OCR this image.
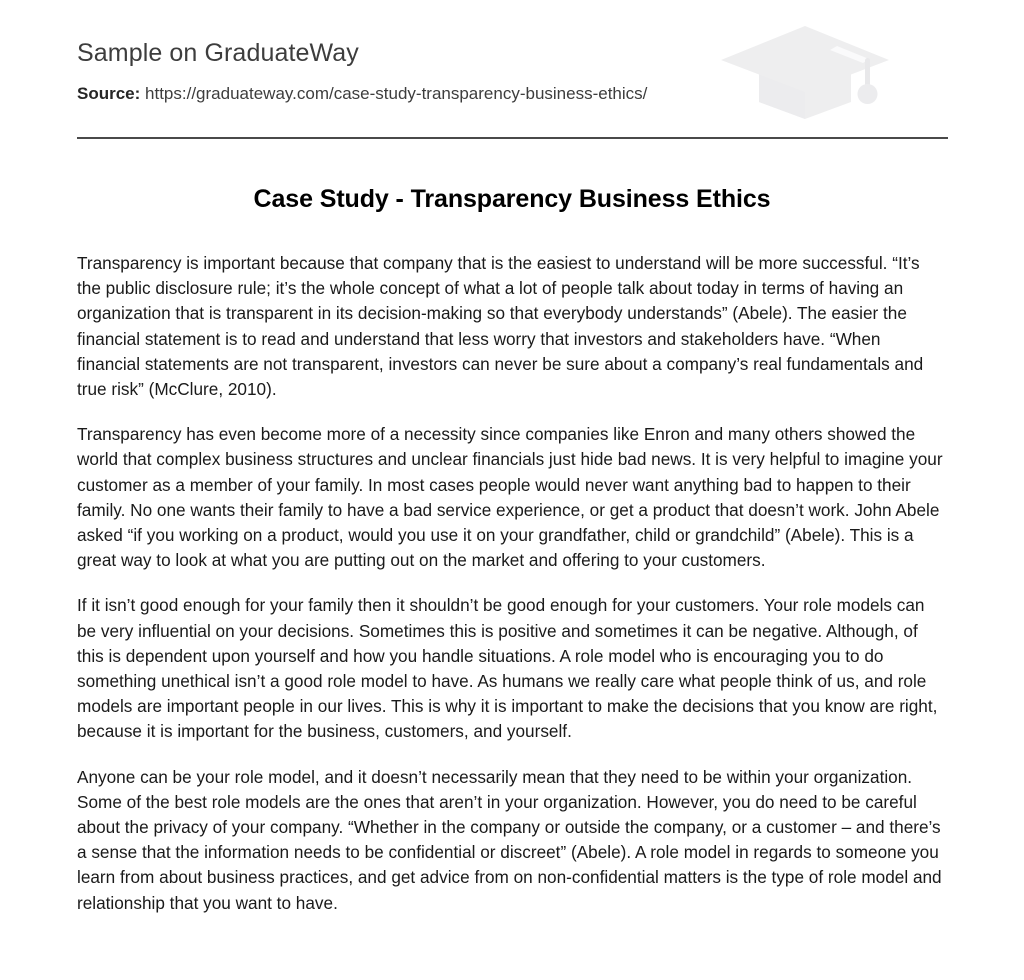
Sample on GraduateWay

Source: https://graduateway.com/case-study-transparency-business-ethics/

Case Study - Transparency Business Ethics

Transparency is important because that company that is the easiest to understand will be more successful. “It’s the public disclosure rule; it’s the whole concept of what a lot of people talk about today in terms of having an organization that is transparent in its decision-making so that everybody understands” (Abele). The easier the financial statement is to read and understand that less worry that investors and stakeholders have. “When financial statements are not transparent, investors can never be sure about a company’s real fundamentals and true risk” (McClure, 2010).

Transparency has even become more of a necessity since companies like Enron and many others showed the world that complex business structures and unclear financials just hide bad news. It is very helpful to imagine your customer as a member of your family. In most cases people would never want anything bad to happen to their family. No one wants their family to have a bad service experience, or get a product that doesn’t work. John Abele asked “if you working on a product, would you use it on your grandfather, child or grandchild” (Abele). This is a great way to look at what you are putting out on the market and offering to your customers.

If it isn’t good enough for your family then it shouldn’t be good enough for your customers. Your role models can be very influential on your decisions. Sometimes this is positive and sometimes it can be negative. Although, of this is dependent upon yourself and how you handle situations. A role model who is encouraging you to do something unethical isn’t a good role model to have. As humans we really care what people think of us, and role models are important people in our lives. This is why it is important to make the decisions that you know are right, because it is important for the business, customers, and yourself.

Anyone can be your role model, and it doesn’t necessarily mean that they need to be within your organization. Some of the best role models are the ones that aren’t in your organization. However, you do need to be careful about the privacy of your company. “Whether in the company or outside the company, or a customer – and there’s a sense that the information needs to be confidential or discreet” (Abele). A role model in regards to someone you learn from about business practices, and get advice from on non-confidential matters is the type of role model and relationship that you want to have.
